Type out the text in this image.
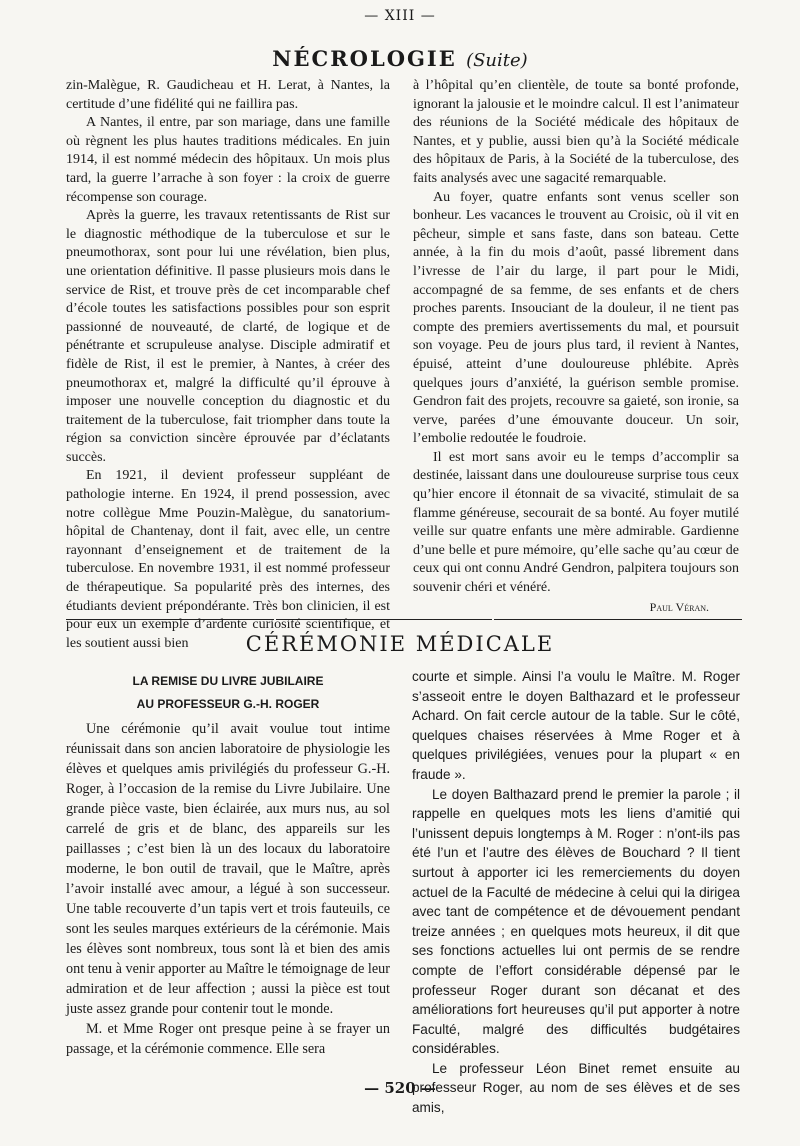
— XIII —
NÉCROLOGIE (Suite)

zin-Malègue, R. Gaudicheau et H. Lerat, à Nantes, la certitude d’une fidélité qui ne faillira pas.

A Nantes, il entre, par son mariage, dans une famille où règnent les plus hautes traditions médicales. En juin 1914, il est nommé médecin des hôpitaux. Un mois plus tard, la guerre l’arrache à son foyer : la croix de guerre récompense son courage.

Après la guerre, les travaux retentissants de Rist sur le diagnostic méthodique de la tuberculose et sur le pneumothorax, sont pour lui une révélation, bien plus, une orientation définitive. Il passe plusieurs mois dans le service de Rist, et trouve près de cet incomparable chef d’école toutes les satisfactions possibles pour son esprit passionné de nouveauté, de clarté, de logique et de pénétrante et scrupuleuse analyse. Disciple admiratif et fidèle de Rist, il est le premier, à Nantes, à créer des pneumothorax et, malgré la difficulté qu’il éprouve à imposer une nouvelle conception du diagnostic et du traitement de la tuberculose, fait triompher dans toute la région sa conviction sincère éprouvée par d’éclatants succès.

En 1921, il devient professeur suppléant de pathologie interne. En 1924, il prend possession, avec notre collègue Mme Pouzin-Malègue, du sanatorium-hôpital de Chantenay, dont il fait, avec elle, un centre rayonnant d’enseignement et de traitement de la tuberculose. En novembre 1931, il est nommé professeur de thérapeutique. Sa popularité près des internes, des étudiants devient prépondérante. Très bon clinicien, il est pour eux un exemple d’ardente curiosité scientifique, et les soutient aussi bien

à l’hôpital qu’en clientèle, de toute sa bonté profonde, ignorant la jalousie et le moindre calcul. Il est l’animateur des réunions de la Société médicale des hôpitaux de Nantes, et y publie, aussi bien qu’à la Société médicale des hôpitaux de Paris, à la Société de la tuberculose, des faits analysés avec une sagacité remarquable.

Au foyer, quatre enfants sont venus sceller son bonheur. Les vacances le trouvent au Croisic, où il vit en pêcheur, simple et sans faste, dans son bateau. Cette année, à la fin du mois d’août, passé librement dans l’ivresse de l’air du large, il part pour le Midi, accompagné de sa femme, de ses enfants et de chers proches parents. Insouciant de la douleur, il ne tient pas compte des premiers avertissements du mal, et poursuit son voyage. Peu de jours plus tard, il revient à Nantes, épuisé, atteint d’une douloureuse phlébite. Après quelques jours d’anxiété, la guérison semble promise. Gendron fait des projets, recouvre sa gaieté, son ironie, sa verve, parées d’une émouvante douceur. Un soir, l’embolie redoutée le foudroie.

Il est mort sans avoir eu le temps d’accomplir sa destinée, laissant dans une douloureuse surprise tous ceux qu’hier encore il étonnait de sa vivacité, stimulait de sa flamme généreuse, secourait de sa bonté. Au foyer mutilé veille sur quatre enfants une mère admirable. Gardienne d’une belle et pure mémoire, qu’elle sache qu’au cœur de ceux qui ont connu André Gendron, palpitera toujours son souvenir chéri et vénéré.

Paul Véran.

CÉRÉMONIE MÉDICALE
LA REMISE DU LIVRE JUBILAIRE
AU PROFESSEUR G.-H. ROGER

Une cérémonie qu’il avait voulue tout intime réunissait dans son ancien laboratoire de physiologie les élèves et quelques amis privilégiés du professeur G.-H. Roger, à l’occasion de la remise du Livre Jubilaire. Une grande pièce vaste, bien éclairée, aux murs nus, au sol carrelé de gris et de blanc, des appareils sur les paillasses ; c’est bien là un des locaux du laboratoire moderne, le bon outil de travail, que le Maître, après l’avoir installé avec amour, a légué à son successeur. Une table recouverte d’un tapis vert et trois fauteuils, ce sont les seules marques extérieurs de la cérémonie. Mais les élèves sont nombreux, tous sont là et bien des amis ont tenu à venir apporter au Maître le témoignage de leur admiration et de leur affection ; aussi la pièce est tout juste assez grande pour contenir tout le monde.

M. et Mme Roger ont presque peine à se frayer un passage, et la cérémonie commence. Elle sera

courte et simple. Ainsi l’a voulu le Maître. M. Roger s’asseoit entre le doyen Balthazard et le professeur Achard. On fait cercle autour de la table. Sur le côté, quelques chaises réservées à Mme Roger et à quelques privilégiées, venues pour la plupart « en fraude ».

Le doyen Balthazard prend le premier la parole ; il rappelle en quelques mots les liens d’amitié qui l’unissent depuis longtemps à M. Roger : n’ont-ils pas été l’un et l’autre des élèves de Bouchard ? Il tient surtout à apporter ici les remerciements du doyen actuel de la Faculté de médecine à celui qui la dirigea avec tant de compétence et de dévouement pendant treize années ; en quelques mots heureux, il dit que ses fonctions actuelles lui ont permis de se rendre compte de l’effort considérable dépensé par le professeur Roger durant son décanat et des améliorations fort heureuses qu’il put apporter à notre Faculté, malgré des difficultés budgétaires considérables.

Le professeur Léon Binet remet ensuite au professeur Roger, au nom de ses élèves et de ses amis,

— 520 —
